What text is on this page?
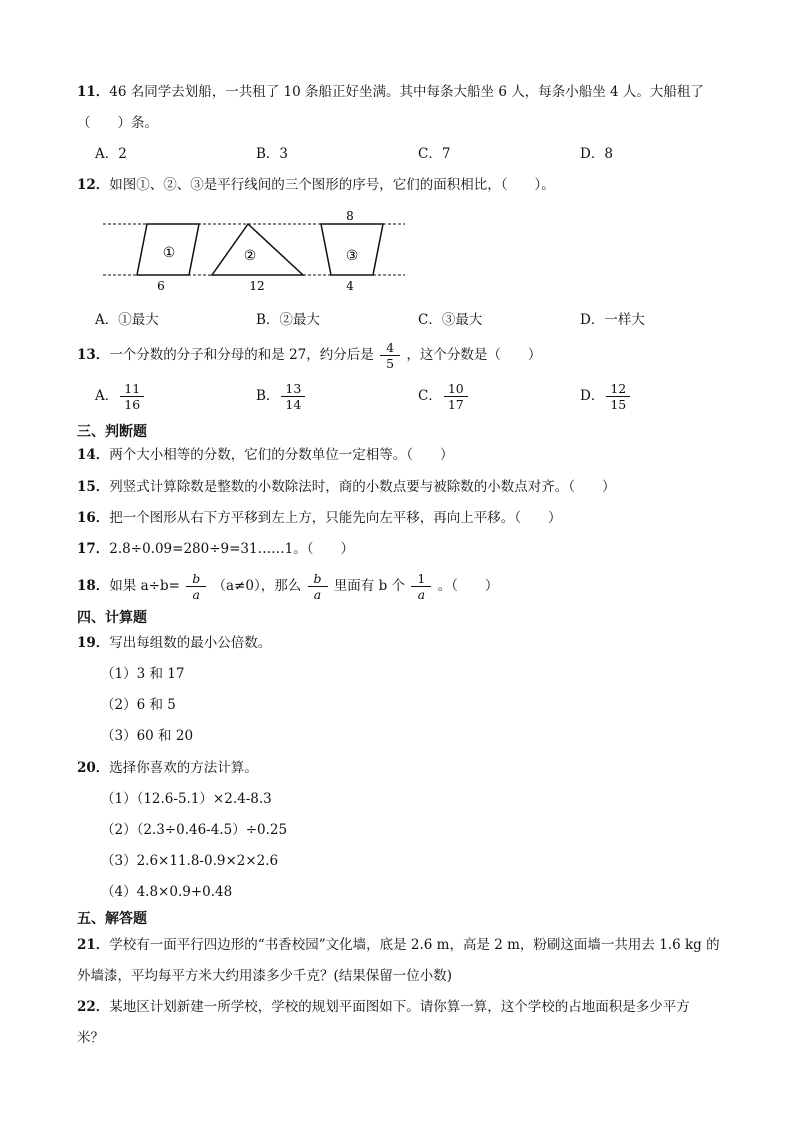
11．46 名同学去划船，一共租了 10 条船正好坐满。其中每条大船坐 6 人，每条小船坐 4 人。大船租了
（　　）条。
A．2	B．3	C．7	D．8
12．如图①、②、③是平行线间的三个图形的序号，它们的面积相比，（　　）。
①	②	③
8
6	12	4
A．①最大	B．②最大	C．③最大	D．一样大
13．一个分数的分子和分母的和是 27，约分后是 $\frac{4}{5}$ ，这个分数是（　　）
A． $\frac{11}{16}$	B． $\frac{13}{14}$	C． $\frac{10}{17}$	D． $\frac{12}{15}$
三、判断题
14．两个大小相等的分数，它们的分数单位一定相等。（　　）
15．列竖式计算除数是整数的小数除法时，商的小数点要与被除数的小数点对齐。（　　）
16．把一个图形从右下方平移到左上方，只能先向左平移，再向上平移。（　　）
17．2.8÷0.09=280÷9=31……1。（　　）
18．如果 $a\div b= \frac{b}{a} (a\ne 0)$，那么 $\frac{b}{a}$ 里面有 b 个 $\frac{1}{a}$ 。（　　）
四、计算题
19．写出每组数的最小公倍数。
（1）3 和 17
（2）6 和 5
（3）60 和 20
20．选择你喜欢的方法计算。
（1）（12.6-5.1）×2.4-8.3
（2）（2.3÷0.46-4.5）÷0.25
（3）2.6×11.8-0.9×2×2.6
（4）4.8×0.9+0.48
五、解答题
21．学校有一面平行四边形的“书香校园”文化墙，底是 2.6 m，高是 2 m，粉刷这面墙一共用去 1.6 kg 的
外墙漆，平均每平方米大约用漆多少千克？(结果保留一位小数)
22．某地区计划新建一所学校，学校的规划平面图如下。请你算一算，这个学校的占地面积是多少平方
米？
